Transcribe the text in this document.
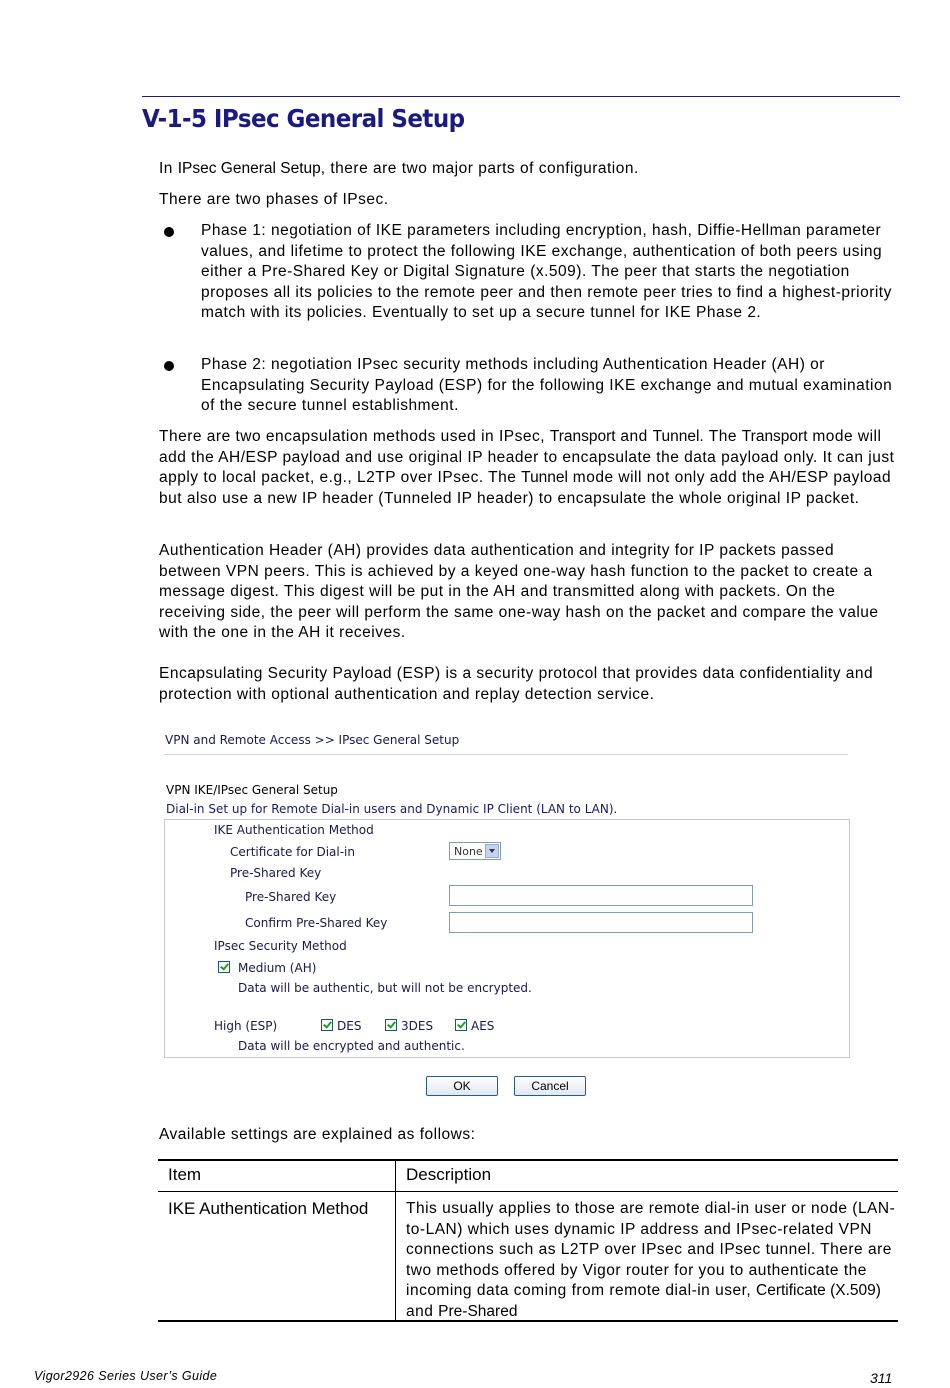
V-1-5 IPsec General Setup

In IPsec General Setup, there are two major parts of configuration.

There are two phases of IPsec.

Phase 1: negotiation of IKE parameters including encryption, hash, Diffie-Hellman parameter values, and lifetime to protect the following IKE exchange, authentication of both peers using either a Pre-Shared Key or Digital Signature (x.509). The peer that starts the negotiation proposes all its policies to the remote peer and then remote peer tries to find a highest-priority match with its policies. Eventually to set up a secure tunnel for IKE Phase 2.

Phase 2: negotiation IPsec security methods including Authentication Header (AH) or Encapsulating Security Payload (ESP) for the following IKE exchange and mutual examination of the secure tunnel establishment.

There are two encapsulation methods used in IPsec, Transport and Tunnel. The Transport mode will add the AH/ESP payload and use original IP header to encapsulate the data payload only. It can just apply to local packet, e.g., L2TP over IPsec. The Tunnel mode will not only add the AH/ESP payload but also use a new IP header (Tunneled IP header) to encapsulate the whole original IP packet.

Authentication Header (AH) provides data authentication and integrity for IP packets passed between VPN peers. This is achieved by a keyed one-way hash function to the packet to create a message digest. This digest will be put in the AH and transmitted along with packets. On the receiving side, the peer will perform the same one-way hash on the packet and compare the value with the one in the AH it receives.

Encapsulating Security Payload (ESP) is a security protocol that provides data confidentiality and protection with optional authentication and replay detection service.

VPN and Remote Access >> IPsec General Setup
VPN IKE/IPsec General Setup
Dial-in Set up for Remote Dial-in users and Dynamic IP Client (LAN to LAN).
IKE Authentication Method
Certificate for Dial-in	None
Pre-Shared Key
Pre-Shared Key
Confirm Pre-Shared Key
IPsec Security Method
Medium (AH)
Data will be authentic, but will not be encrypted.
High (ESP)	DES	3DES	AES
Data will be encrypted and authentic.
OK	Cancel

Available settings are explained as follows:

Item	Description
IKE Authentication Method	This usually applies to those are remote dial-in user or node (LAN-to-LAN) which uses dynamic IP address and IPsec-related VPN connections such as L2TP over IPsec and IPsec tunnel. There are two methods offered by Vigor router for you to authenticate the incoming data coming from remote dial-in user, Certificate (X.509) and Pre-Shared
Vigor2926 Series User’s Guide	311
